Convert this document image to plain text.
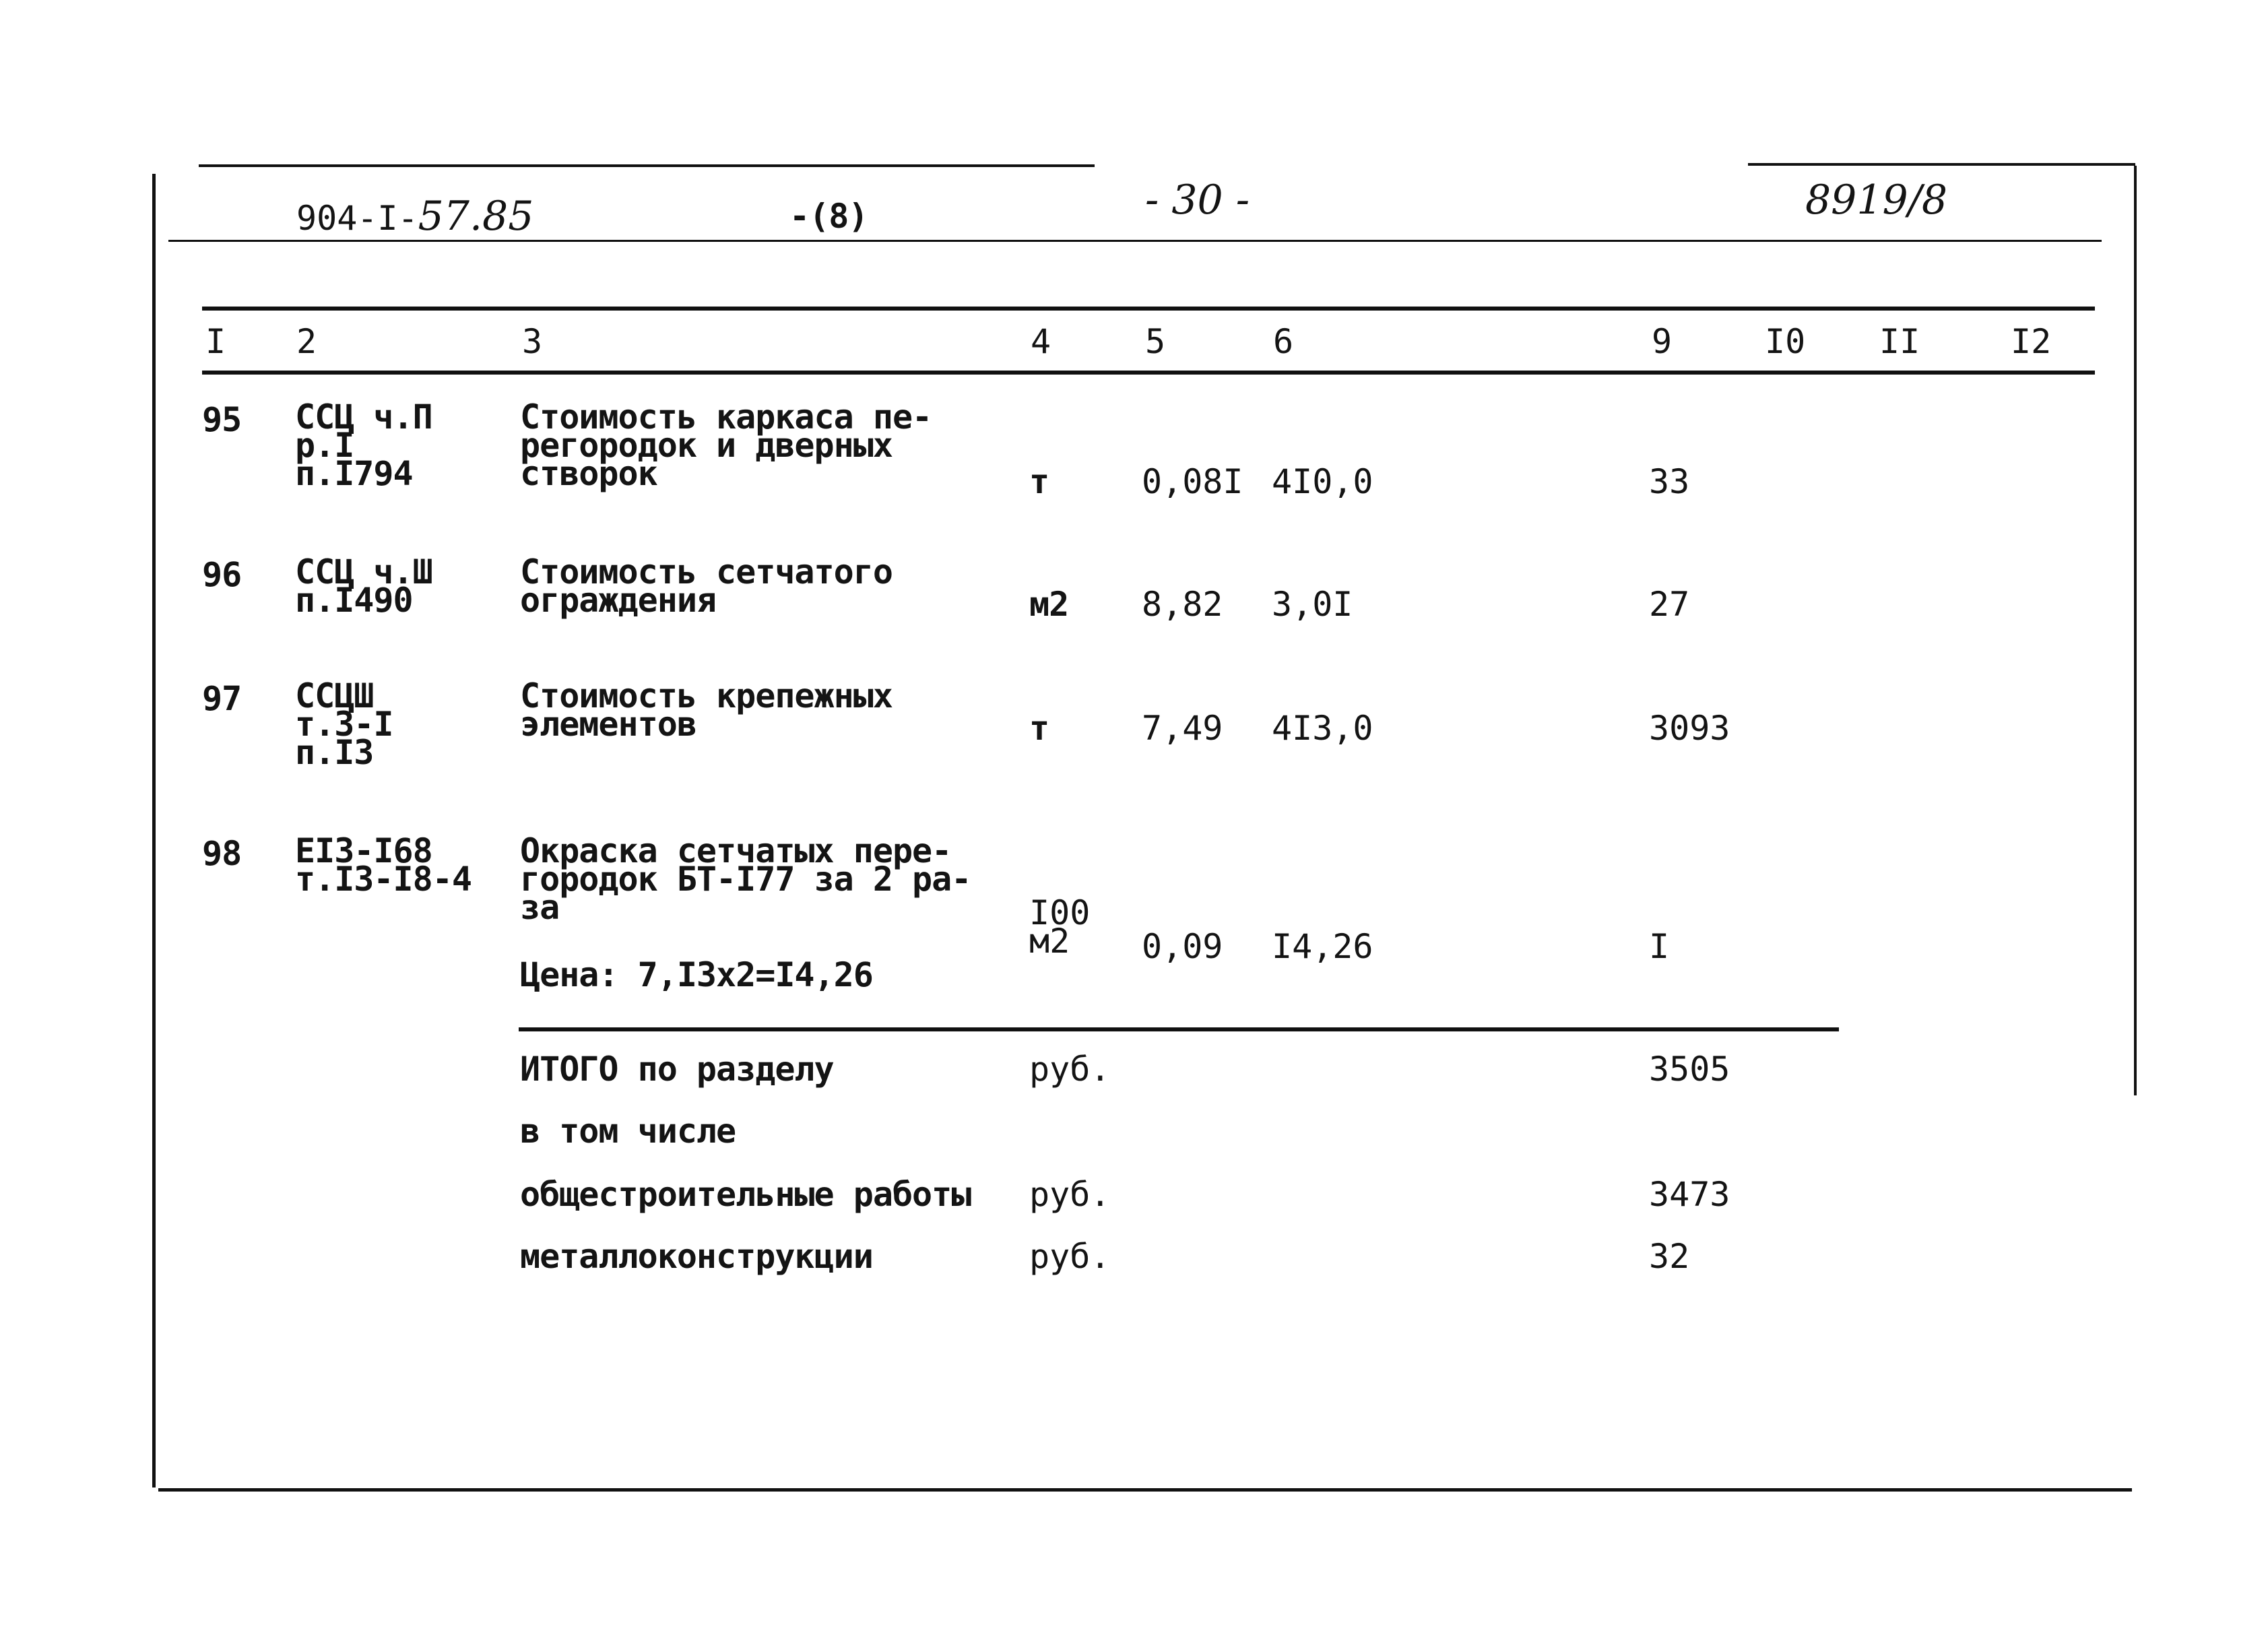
904-I-57.85	-(8)	- 30 -	8919/8
I 2	3	4	5	6	9	I0 II	I2
95 ССЦ ч.П
р.I
п.I794
Стоимость каркаса пе-
регородок и дверных
створок	т	0,08I 4I0,0	33
96 ССЦ ч.Ш
п.I490
Стоимость сетчатого
ограждения	м2 8,82 3,0I	27
97 ССЦШ
т.3-I
п.I3
Стоимость крепежных
элементов	т	7,49 4I3,0	3093
98 ЕI3-I68
т.I3-I8-4
Окраска сетчатых пере-
городок БТ-I77 за 2 ра-
за
Цена: 7,I3х2=I4,26
I00
м2	0,09 I4,26	I
ИТОГО по разделу	руб.	3505
в том числе
общестроительные работы руб.	3473
металлоконструкции	руб.	32
